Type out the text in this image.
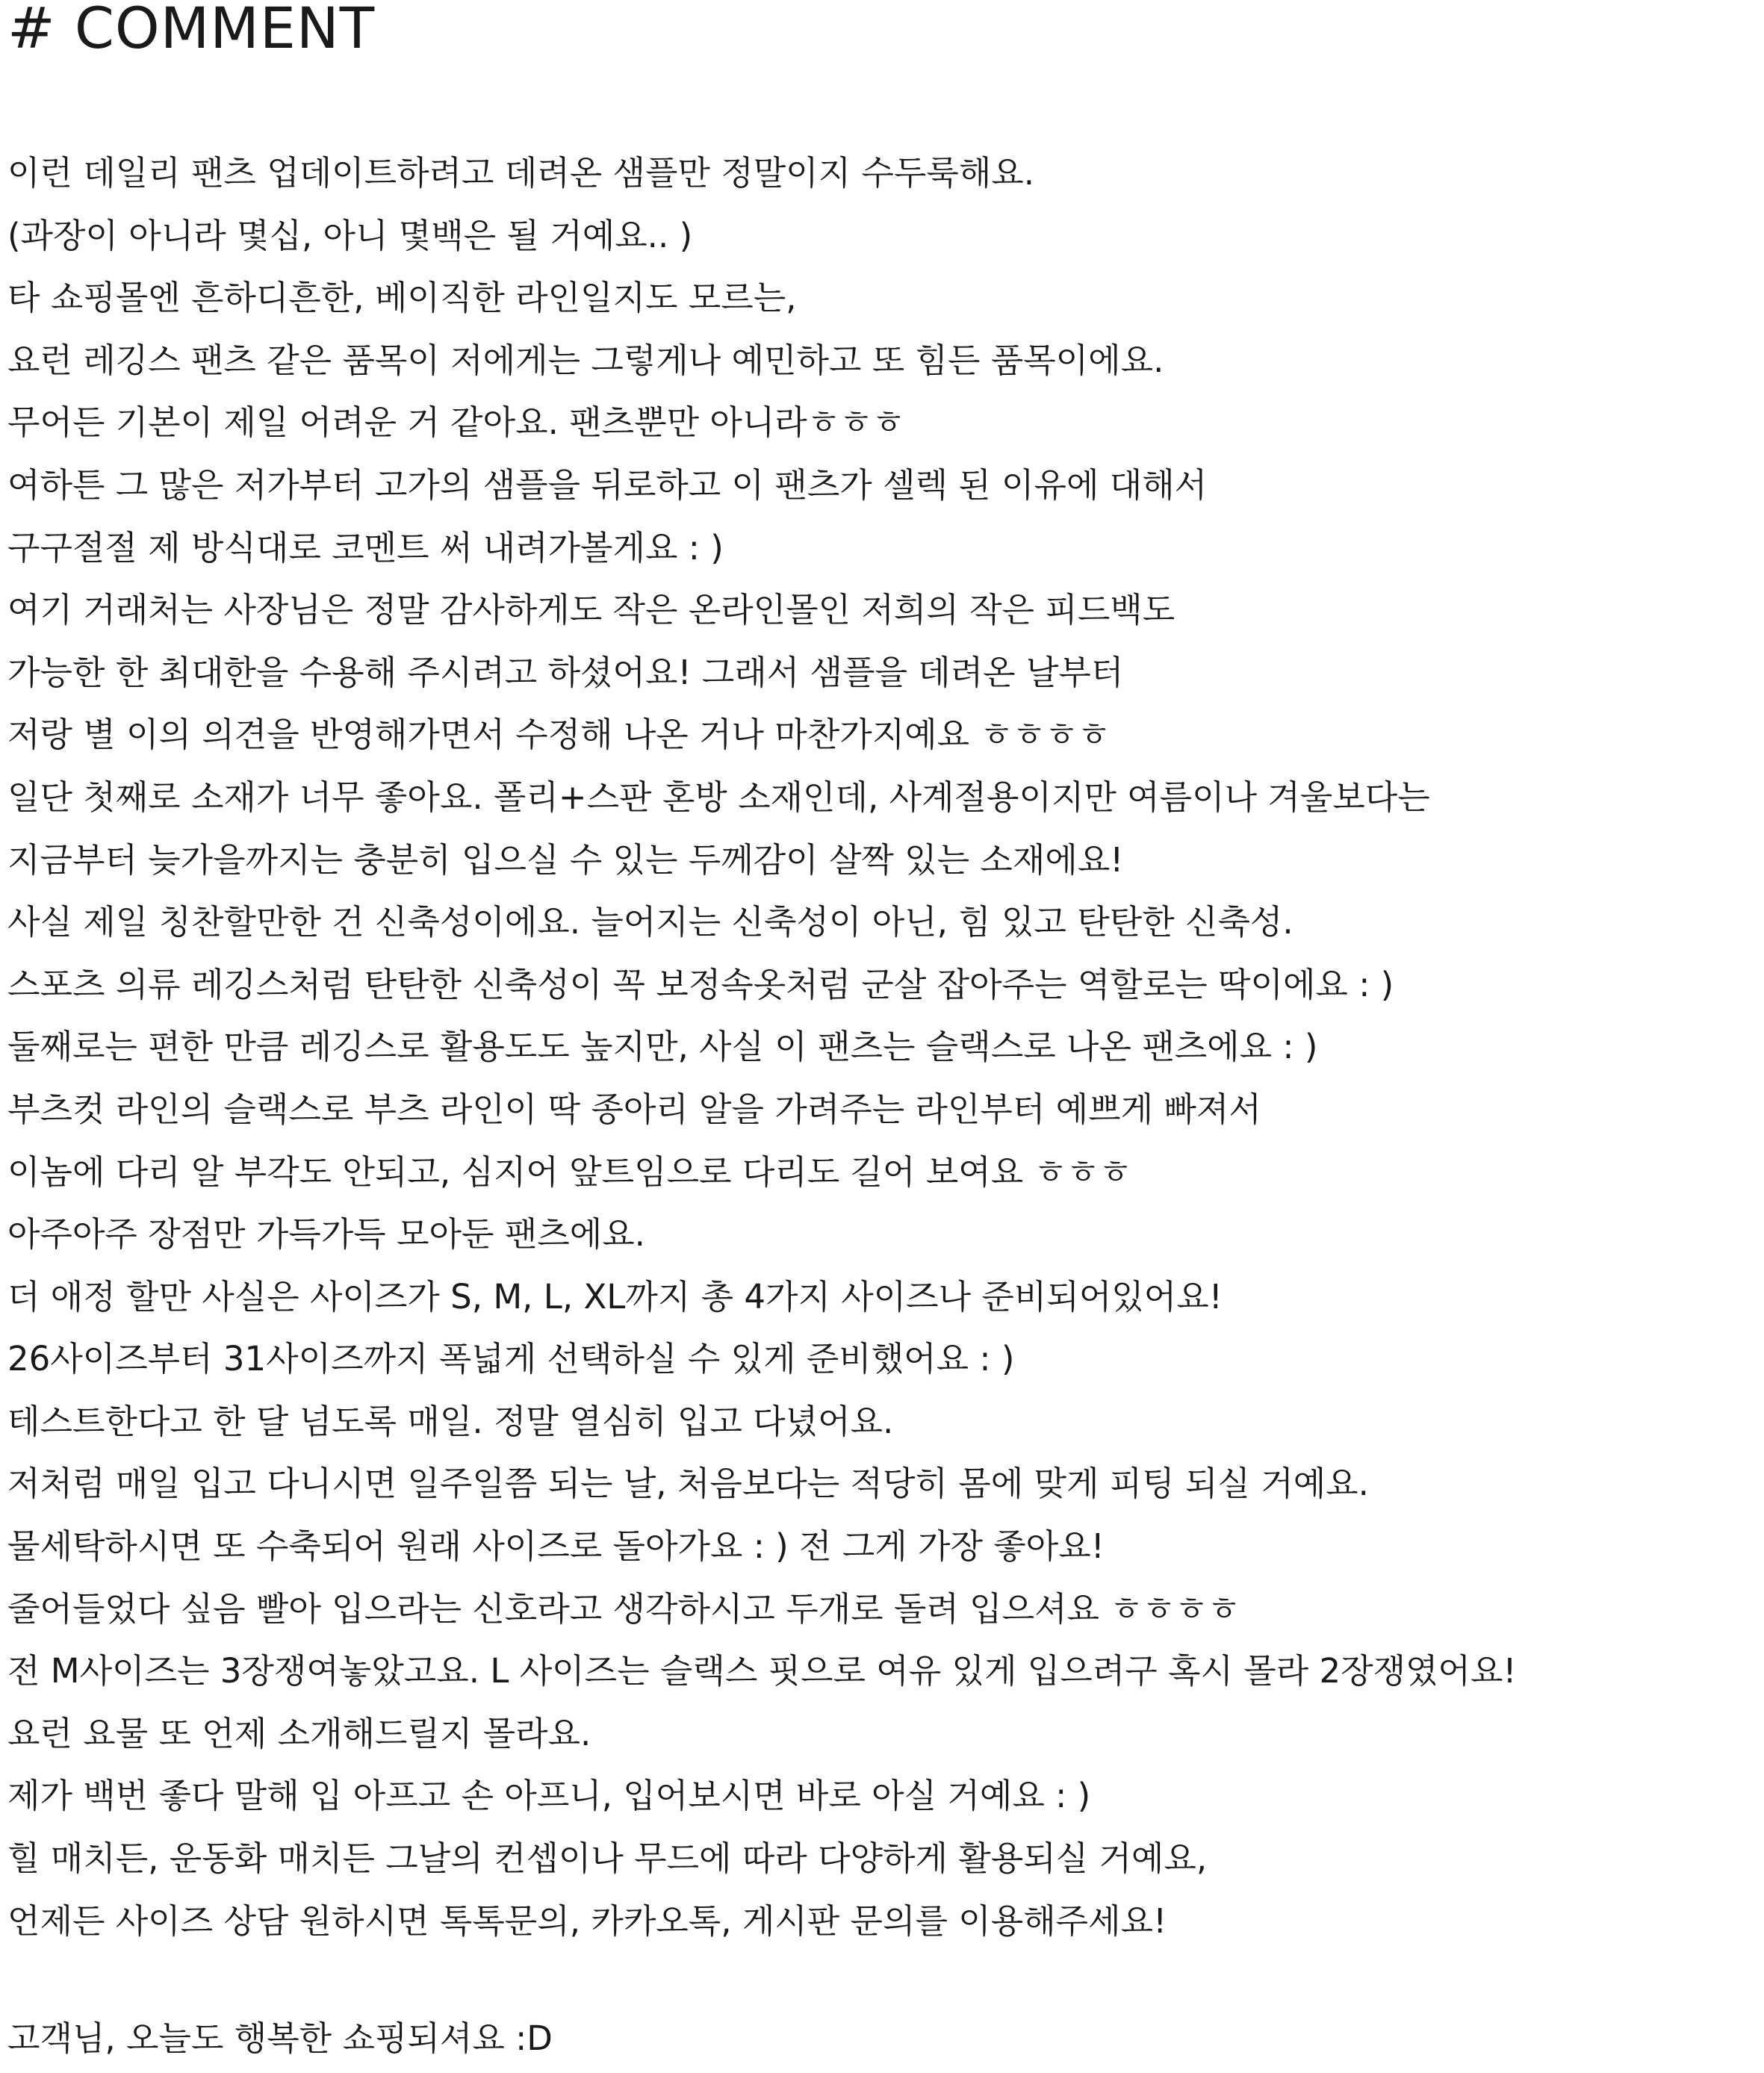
# COMMENT
이런 데일리 팬츠 업데이트하려고 데려온 샘플만 정말이지 수두룩해요.
(과장이 아니라 몇십, 아니 몇백은 될 거예요.. )
타 쇼핑몰엔 흔하디흔한, 베이직한 라인일지도 모르는,
요런 레깅스 팬츠 같은 품목이 저에게는 그렇게나 예민하고 또 힘든 품목이에요.
무어든 기본이 제일 어려운 거 같아요. 팬츠뿐만 아니라ㅎㅎㅎ
여하튼 그 많은 저가부터 고가의 샘플을 뒤로하고 이 팬츠가 셀렉 된 이유에 대해서
구구절절 제 방식대로 코멘트 써 내려가볼게요 : )
여기 거래처는 사장님은 정말 감사하게도 작은 온라인몰인 저희의 작은 피드백도
가능한 한 최대한을 수용해 주시려고 하셨어요! 그래서 샘플을 데려온 날부터
저랑 별 이의 의견을 반영해가면서 수정해 나온 거나 마찬가지예요 ㅎㅎㅎㅎ
일단 첫째로 소재가 너무 좋아요. 폴리+스판 혼방 소재인데, 사계절용이지만 여름이나 겨울보다는
지금부터 늦가을까지는 충분히 입으실 수 있는 두께감이 살짝 있는 소재에요!
사실 제일 칭찬할만한 건 신축성이에요. 늘어지는 신축성이 아닌, 힘 있고 탄탄한 신축성.
스포츠 의류 레깅스처럼 탄탄한 신축성이 꼭 보정속옷처럼 군살 잡아주는 역할로는 딱이에요 : )
둘째로는 편한 만큼 레깅스로 활용도도 높지만, 사실 이 팬츠는 슬랙스로 나온 팬츠에요 : )
부츠컷 라인의 슬랙스로 부츠 라인이 딱 종아리 알을 가려주는 라인부터 예쁘게 빠져서
이놈에 다리 알 부각도 안되고, 심지어 앞트임으로 다리도 길어 보여요 ㅎㅎㅎ
아주아주 장점만 가득가득 모아둔 팬츠에요.
더 애정 할만 사실은 사이즈가 S, M, L, XL까지 총 4가지 사이즈나 준비되어있어요!
26사이즈부터 31사이즈까지 폭넓게 선택하실 수 있게 준비했어요 : )
테스트한다고 한 달 넘도록 매일. 정말 열심히 입고 다녔어요.
저처럼 매일 입고 다니시면 일주일쯤 되는 날, 처음보다는 적당히 몸에 맞게 피팅 되실 거예요.
물세탁하시면 또 수축되어 원래 사이즈로 돌아가요 : ) 전 그게 가장 좋아요!
줄어들었다 싶음 빨아 입으라는 신호라고 생각하시고 두개로 돌려 입으셔요 ㅎㅎㅎㅎ
전 M사이즈는 3장쟁여놓았고요. L 사이즈는 슬랙스 핏으로 여유 있게 입으려구 혹시 몰라 2장쟁였어요!
요런 요물 또 언제 소개해드릴지 몰라요.
제가 백번 좋다 말해 입 아프고 손 아프니, 입어보시면 바로 아실 거예요 : )
힐 매치든, 운동화 매치든 그날의 컨셉이나 무드에 따라 다양하게 활용되실 거예요,
언제든 사이즈 상담 원하시면 톡톡문의, 카카오톡, 게시판 문의를 이용해주세요!
고객님, 오늘도 행복한 쇼핑되셔요 :D
